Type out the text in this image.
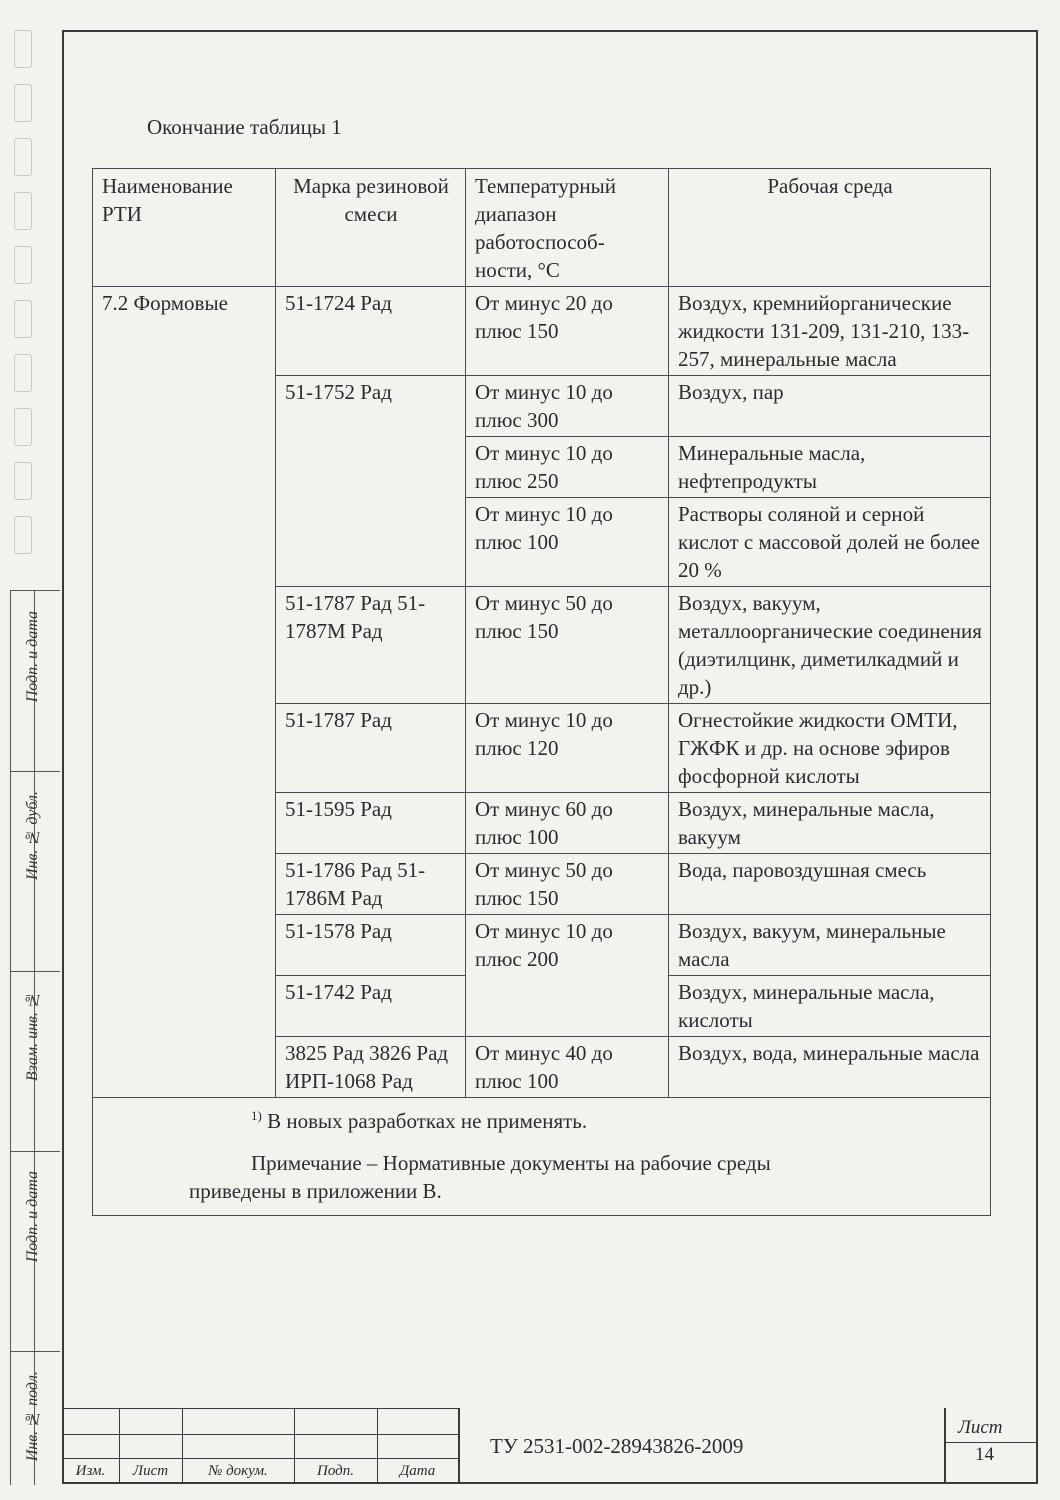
Подп. и дата
Инв. № дубл.
Взам. инв. №
Подп. и дата
Инв. № подл.
Окончание таблицы 1
Наименование РТИ	Марка резиновой смеси	Температурный диапазон работоспособ-ности, °С	Рабочая среда
7.2 Формовые	51-1724 Рад	От минус 20 до плюс 150	Воздух, кремнийорганические жидкости 131-209, 131-210, 133-257, минеральные масла
	51-1752 Рад	От минус 10 до плюс 300	Воздух, пар
		От минус 10 до плюс 250	Минеральные масла, нефтепродукты
		От минус 10 до плюс 100	Растворы соляной и серной кислот с массовой долей не более 20 %
	51-1787 Рад 51-1787М Рад	От минус 50 до плюс 150	Воздух, вакуум, металлоорганические соединения (диэтилцинк, диметилкадмий и др.)
	51-1787 Рад	От минус 10 до плюс 120	Огнестойкие жидкости ОМТИ, ГЖФК и др. на основе эфиров фосфорной кислоты
	51-1595 Рад	От минус 60 до плюс 100	Воздух, минеральные масла, вакуум
	51-1786 Рад 51-1786М Рад	От минус 50 до плюс 150	Вода, паровоздушная смесь
	51-1578 Рад	От минус 10 до плюс 200	Воздух, вакуум, минеральные масла
	51-1742 Рад		Воздух, минеральные масла, кислоты
	3825 Рад 3826 Рад ИРП-1068 Рад	От минус 40 до плюс 100	Воздух, вода, минеральные масла

$^{1)}$ В новых разработках не применять.
Примечание – Нормативные документы на рабочие среды
приведены в приложении В.			
Изм.	Лист	№ докум.	Подп.	Дата
ТУ 2531-002-28943826-2009
Лист
14
